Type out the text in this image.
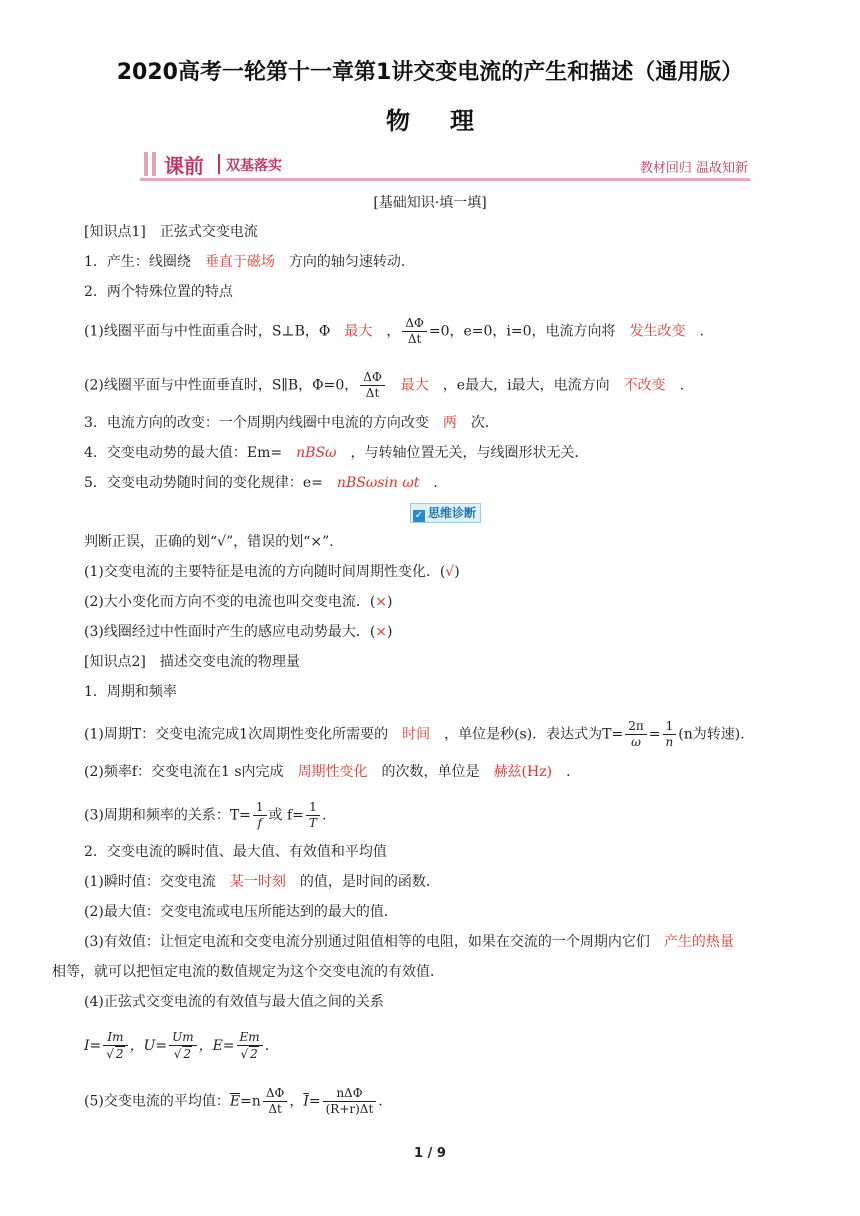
2020高考一轮第十一章第1讲交变电流的产生和描述（通用版）
物理
课前 双基落实	教材回归 温故知新
[基础知识·填一填]
[知识点1]　正弦式交变电流
1．产生：线圈绕　垂直于磁场　方向的轴匀速转动．
2．两个特殊位置的特点
(1)线圈平面与中性面重合时，S⊥B，Φ　最大　， $\frac{\Delta\Phi}{\Delta t} =0$，e=0，i=0，电流方向将　发生改变　.
(2)线圈平面与中性面垂直时，S∥B，Φ=0， $\frac{\Delta\Phi}{\Delta t}$ 　最大　，e最大，i最大，电流方向　不改变　.
3．电流方向的改变：一个周期内线圈中电流的方向改变　两　次．
4．交变电动势的最大值：Em=　nBSω　，与转轴位置无关，与线圈形状无关．
5．交变电动势随时间的变化规律：e=　nBSωsin ωt　.
✓ 思维诊断
判断正误，正确的划“√”，错误的划“×”．
(1)交变电流的主要特征是电流的方向随时间周期性变化．(√)
(2)大小变化而方向不变的电流也叫交变电流．(×)
(3)线圈经过中性面时产生的感应电动势最大．(×)
[知识点2]　描述交变电流的物理量
1．周期和频率
(1)周期T：交变电流完成1次周期性变化所需要的　时间　，单位是秒(s)．表达式为$T= \frac{2\pi}{\omega} = \frac{1}{n} (n$为转速)．
(2)频率f：交变电流在1 s内完成　周期性变化　的次数，单位是　赫兹(Hz)　.
(3)周期和频率的关系：$T= \frac{1}{f}$ 或 $f= \frac{1}{T}$ .
2．交变电流的瞬时值、最大值、有效值和平均值
(1)瞬时值：交变电流　某一时刻　的值，是时间的函数．
(2)最大值：交变电流或电压所能达到的最大的值．
(3)有效值：让恒定电流和交变电流分别通过阻值相等的电阻，如果在交流的一个周期内它们　产生的热量
相等，就可以把恒定电流的数值规定为这个交变电流的有效值．
(4)正弦式交变电流的有效值与最大值之间的关系
$I= \frac{Im}{√ 2}$ ，$U= \frac{Um}{√ 2}$ ，$E= \frac{Em}{√ 2}$ .
(5)交变电流的平均值：$\overline{E}=n \frac{\Delta\Phi}{\Delta t}$ ，$\overline{I}= \frac{\text{nΔΦ}}{(R+r)\Delta t}$ .
1 / 9
